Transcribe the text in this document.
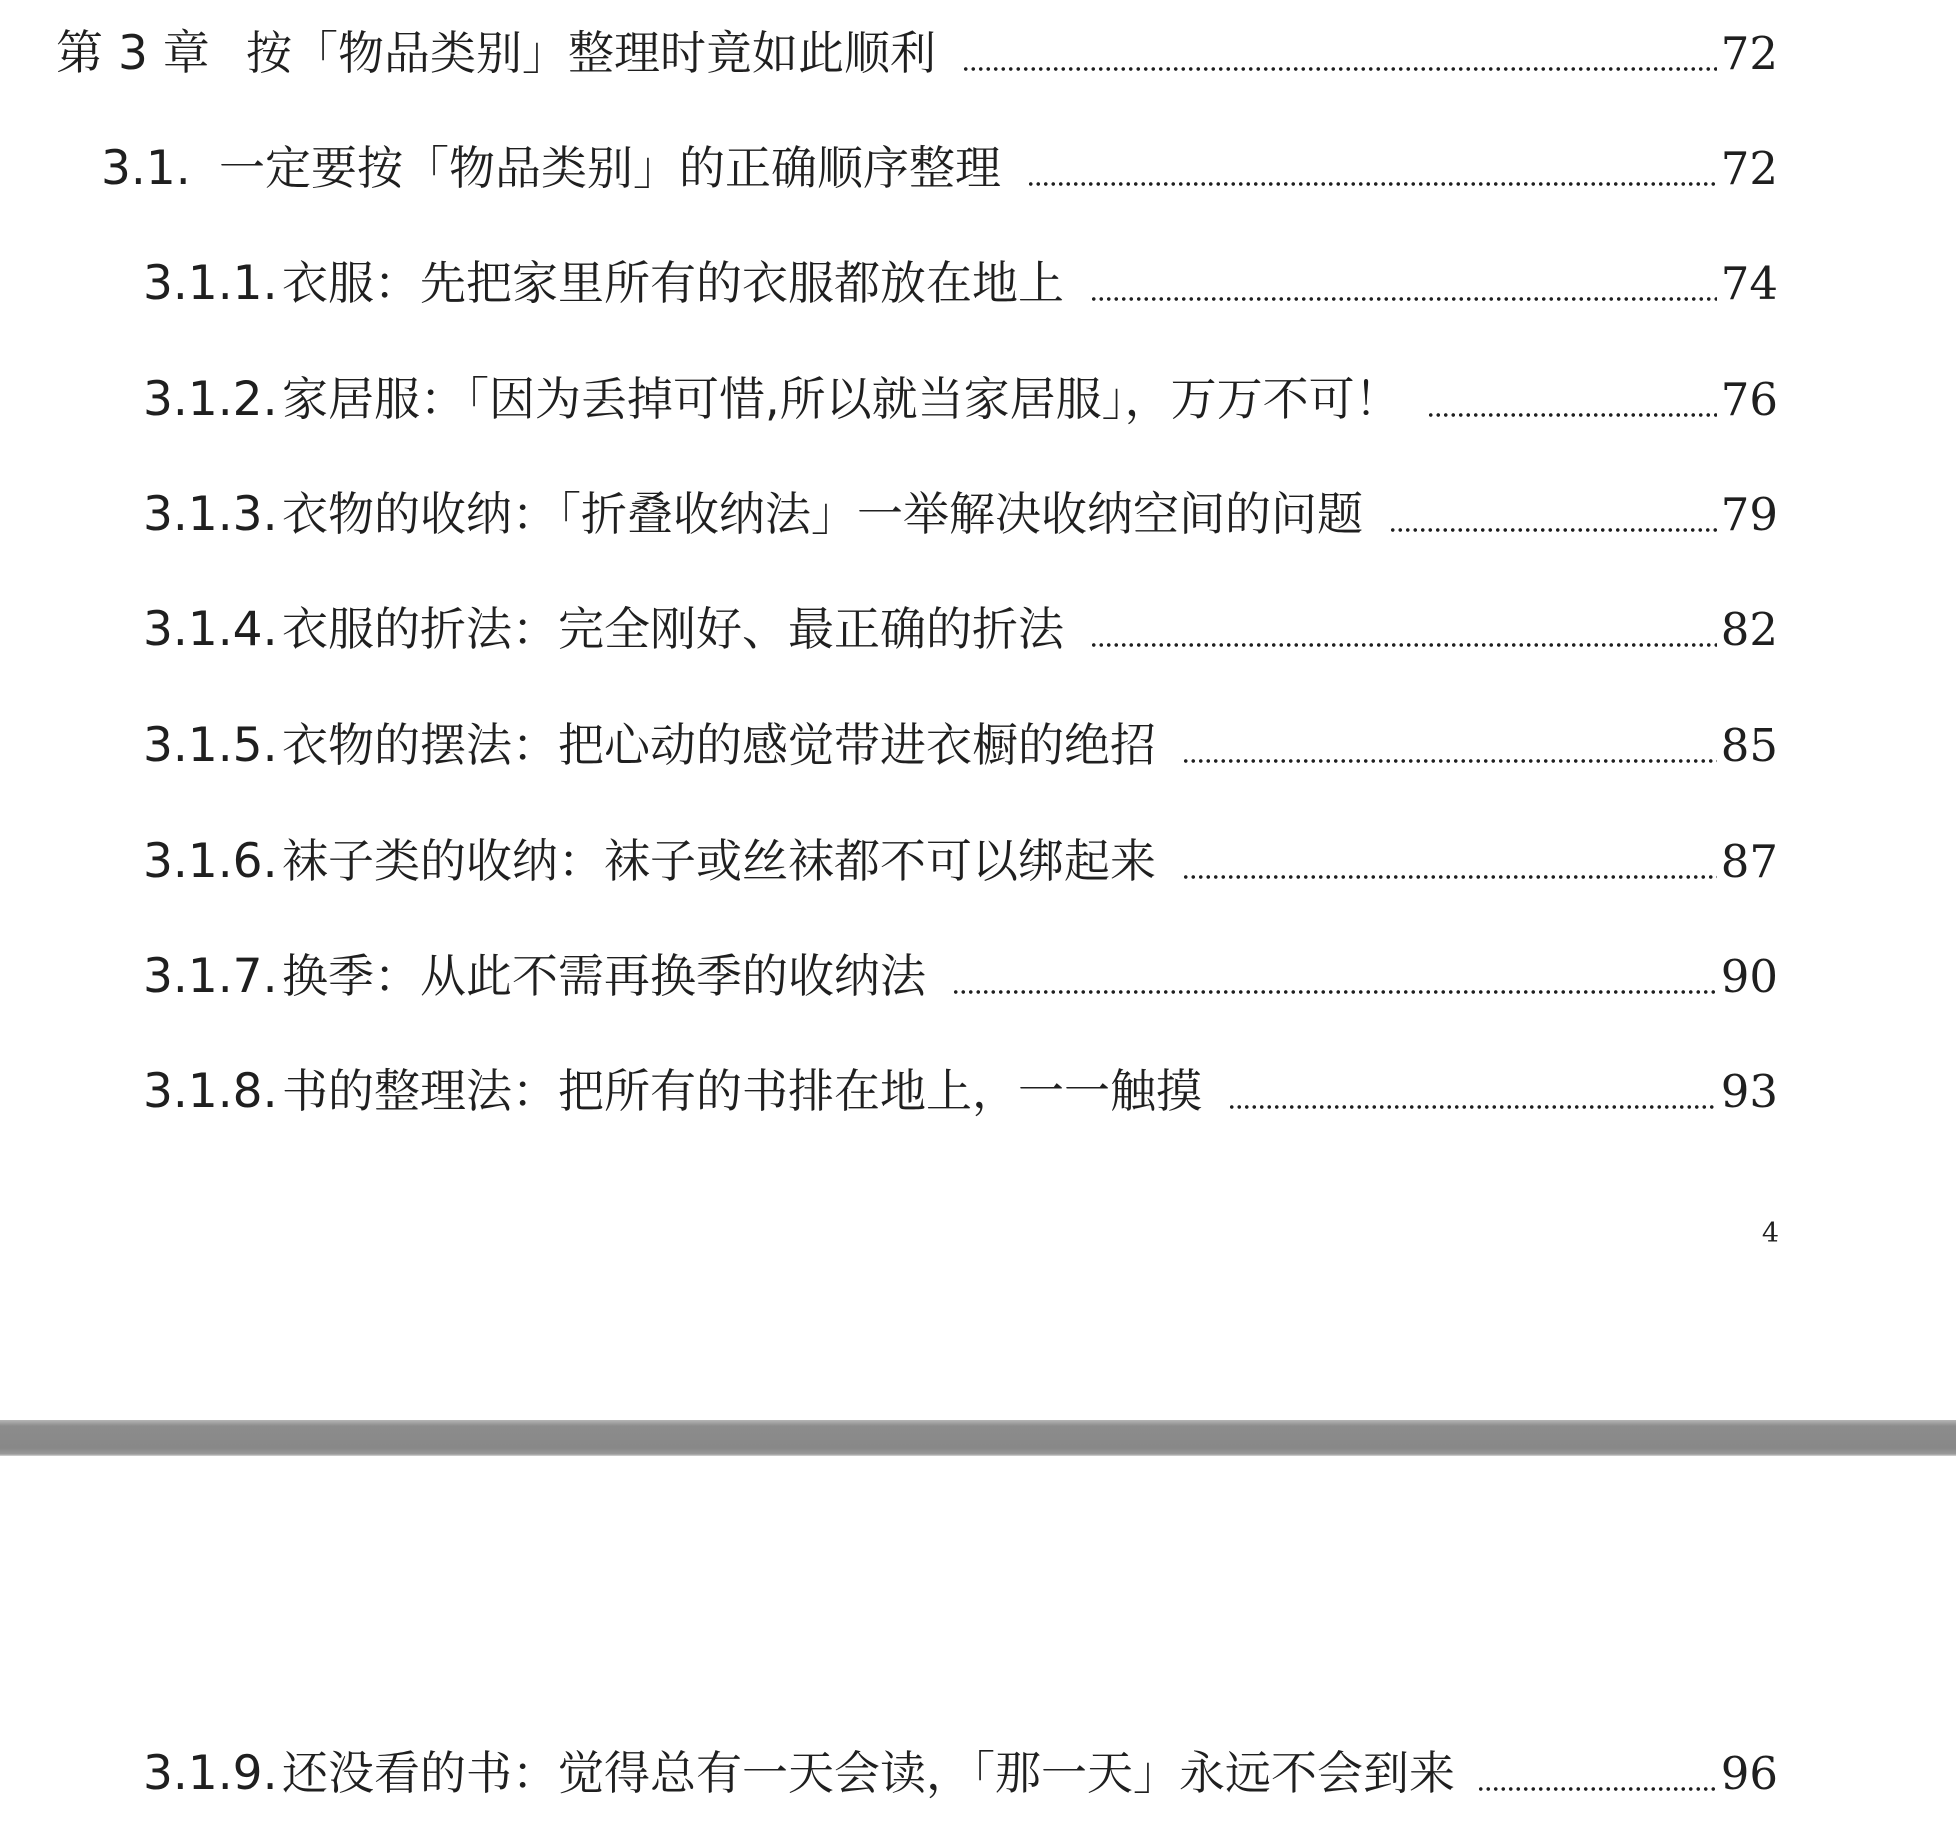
第 3 章 按「物品类别」整理时竟如此顺利	72
3.1. 一定要按「物品类别」的正确顺序整理	72
3.1.1. 衣服：先把家里所有的衣服都放在地上	74
3.1.2. 家居服：「因为丢掉可惜,所以就当家居服」，万万不可！	76
3.1.3. 衣物的收纳：「折叠收纳法」一举解决收纳空间的问题	79
3.1.4. 衣服的折法：完全刚好、最正确的折法	82
3.1.5. 衣物的摆法：把心动的感觉带进衣橱的绝招	85
3.1.6. 袜子类的收纳：袜子或丝袜都不可以绑起来	87
3.1.7. 换季：从此不需再换季的收纳法	90
3.1.8. 书的整理法：把所有的书排在地上，一一触摸	93
4
3.1.9. 还没看的书：觉得总有一天会读，「那一天」永远不会到来	96
